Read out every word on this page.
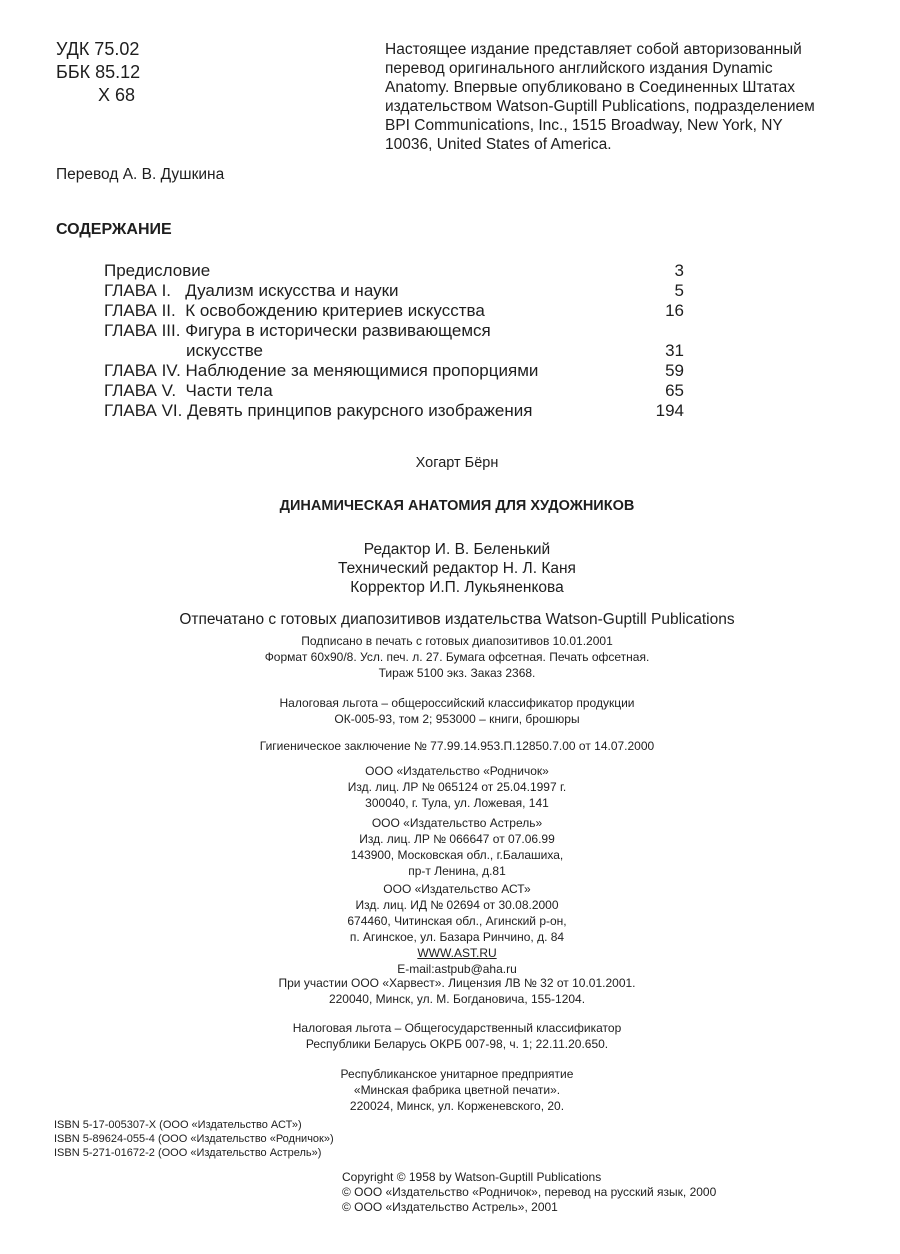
УДК 75.02
ББК 85.12
Х 68
Настоящее издание представляет собой авторизованный
перевод оригинального английского издания Dynamic
Anatomy. Впервые опубликовано в Соединенных Штатах
издательством Watson-Guptill Publications, подразделением
BPI Communications, Inc., 1515 Broadway, New York, NY
10036, United States of America.
Перевод А. В. Душкина
СОДЕРЖАНИЕ
Предисловие	3
ГЛАВА I.   Дуализм искусства и науки	5
ГЛАВА II.  К освобождению критериев искусства	16
ГЛАВА III. Фигура в исторически развивающемся
искусстве	31
ГЛАВА IV. Наблюдение за меняющимися пропорциями	59
ГЛАВА V.  Части тела	65
ГЛАВА VI. Девять принципов ракурсного изображения	194
Хогарт Бёрн
ДИНАМИЧЕСКАЯ АНАТОМИЯ ДЛЯ ХУДОЖНИКОВ
Редактор И. В. Беленький
Технический редактор Н. Л. Каня
Корректор И.П. Лукьяненкова
Отпечатано с готовых диапозитивов издательства Watson-Guptill Publications
Подписано в печать с готовых диапозитивов 10.01.2001
Формат 60х90/8. Усл. печ. л. 27. Бумага офсетная. Печать офсетная.
Тираж 5100 экз. Заказ 2368.
Налоговая льгота – общероссийский классификатор продукции
ОК-005-93, том 2; 953000 – книги, брошюры
Гигиеническое заключение № 77.99.14.953.П.12850.7.00 от 14.07.2000
ООО «Издательство «Родничок»
Изд. лиц. ЛР № 065124 от 25.04.1997 г.
300040, г. Тула, ул. Ложевая, 141
ООО «Издательство Астрель»
Изд. лиц. ЛР № 066647 от 07.06.99
143900, Московская обл., г.Балашиха,
пр-т Ленина, д.81
ООО «Издательство АСТ»
Изд. лиц. ИД № 02694 от 30.08.2000
674460, Читинская обл., Агинский р-он,
п. Агинское, ул. Базара Ринчино, д. 84
WWW.AST.RU
E-mail:astpub@aha.ru
При участии ООО «Харвест». Лицензия ЛВ № 32 от 10.01.2001.
220040, Минск, ул. М. Богдановича, 155-1204.
Налоговая льгота – Общегосударственный классификатор
Республики Беларусь ОКРБ 007-98, ч. 1; 22.11.20.650.
Республиканское унитарное предприятие
«Минская фабрика цветной печати».
220024, Минск, ул. Корженевского, 20.
ISBN 5-17-005307-X (ООО «Издательство АСТ»)
ISBN 5-89624-055-4 (ООО «Издательство «Родничок»)
ISBN 5-271-01672-2 (ООО «Издательство Астрель»)
Copyright © 1958 by Watson-Guptill Publications
© ООО «Издательство «Родничок», перевод на русский язык, 2000
© ООО «Издательство Астрель», 2001
